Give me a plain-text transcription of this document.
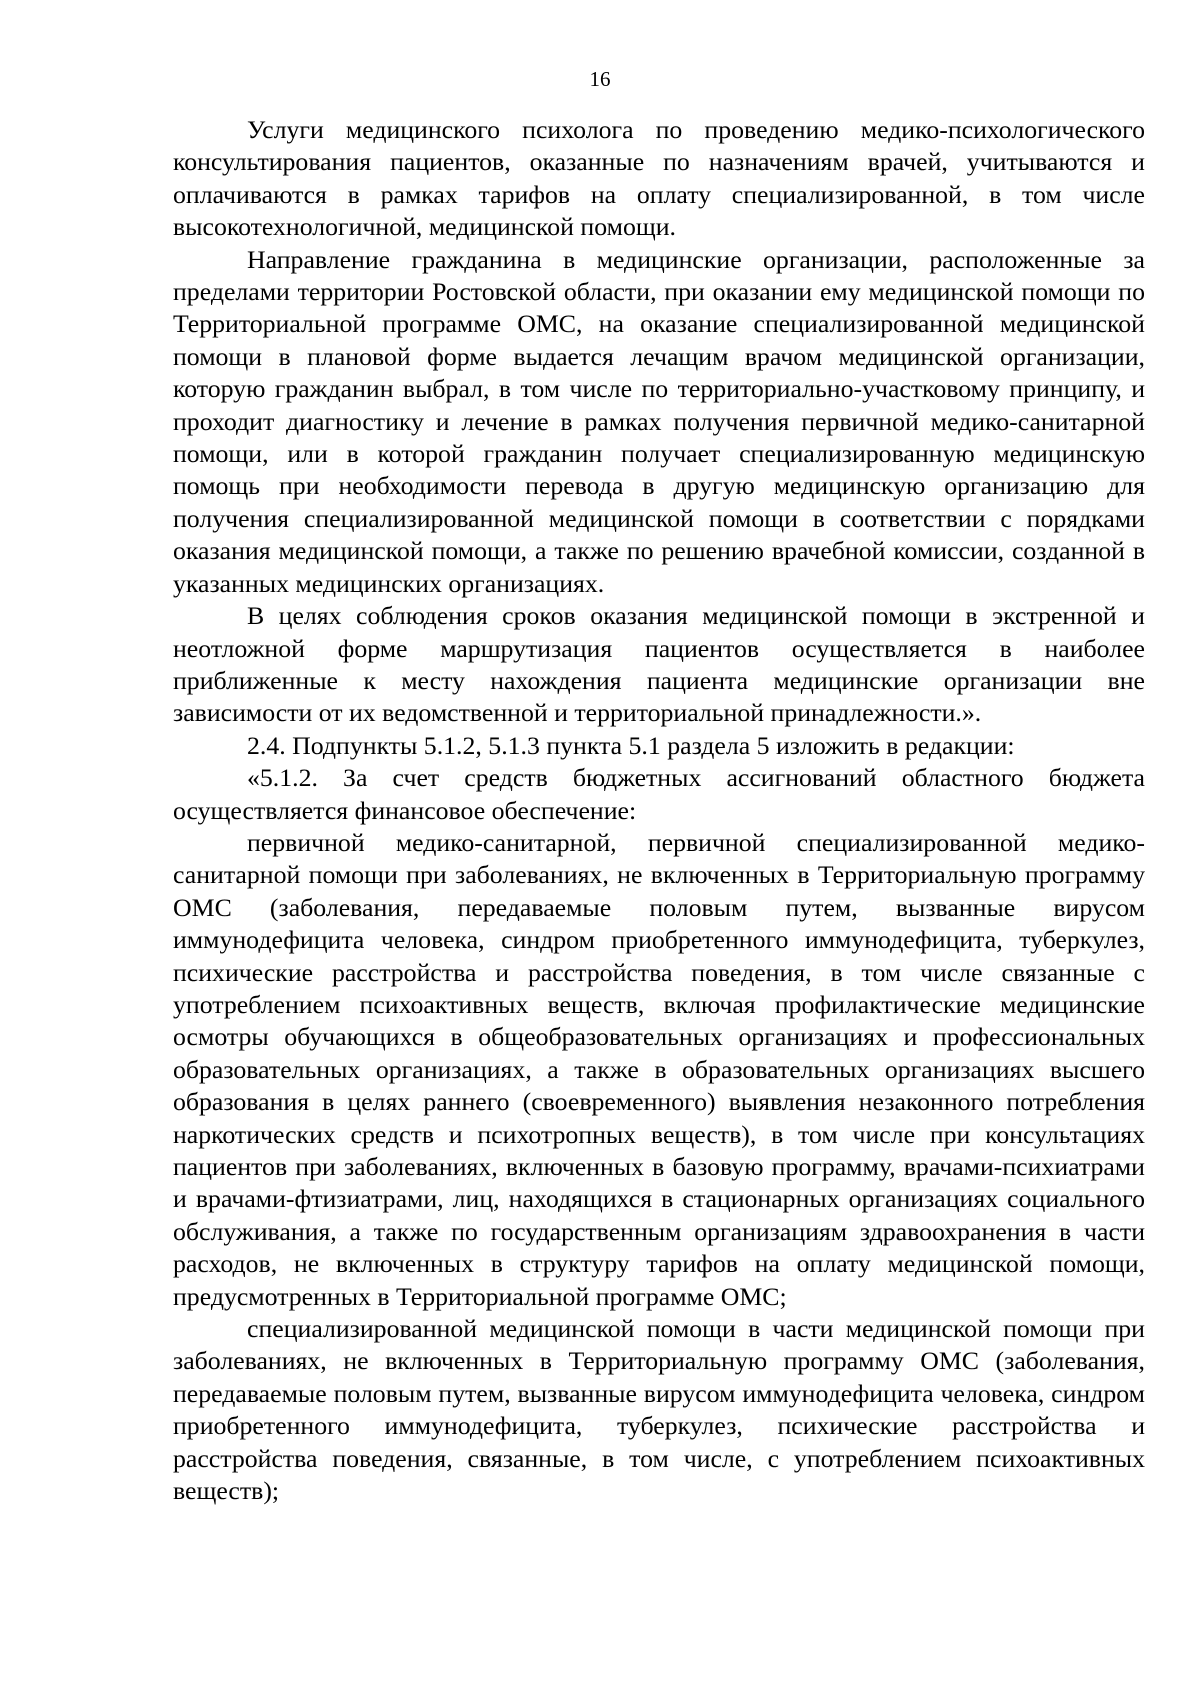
16

Услуги медицинского психолога по проведению медико-психологического консультирования пациентов, оказанные по назначениям врачей, учитываются и оплачиваются в рамках тарифов на оплату специализированной, в том числе высокотехнологичной, медицинской помощи.

Направление гражданина в медицинские организации, расположенные за пределами территории Ростовской области, при оказании ему медицинской помощи по Территориальной программе ОМС, на оказание специализированной медицинской помощи в плановой форме выдается лечащим врачом медицинской организации, которую гражданин выбрал, в том числе по территориально-участковому принципу, и проходит диагностику и лечение в рамках получения первичной медико-санитарной помощи, или в которой гражданин получает специализированную медицинскую помощь при необходимости перевода в другую медицинскую организацию для получения специализированной медицинской помощи в соответствии с порядками оказания медицинской помощи, а также по решению врачебной комиссии, созданной в указанных медицинских организациях.

В целях соблюдения сроков оказания медицинской помощи в экстренной и неотложной форме маршрутизация пациентов осуществляется в наиболее приближенные к месту нахождения пациента медицинские организации вне зависимости от их ведомственной и территориальной принадлежности.».

2.4. Подпункты 5.1.2, 5.1.3 пункта 5.1 раздела 5 изложить в редакции:

«5.1.2. За счет средств бюджетных ассигнований областного бюджета осуществляется финансовое обеспечение:

первичной медико-санитарной, первичной специализированной медико-санитарной помощи при заболеваниях, не включенных в Территориальную программу ОМС (заболевания, передаваемые половым путем, вызванные вирусом иммунодефицита человека, синдром приобретенного иммунодефицита, туберкулез, психические расстройства и расстройства поведения, в том числе связанные с употреблением психоактивных веществ, включая профилактические медицинские осмотры обучающихся в общеобразовательных организациях и профессиональных образовательных организациях, а также в образовательных организациях высшего образования в целях раннего (своевременного) выявления незаконного потребления наркотических средств и психотропных веществ), в том числе при консультациях пациентов при заболеваниях, включенных в базовую программу, врачами-психиатрами и врачами-фтизиатрами, лиц, находящихся в стационарных организациях социального обслуживания, а также по государственным организациям здравоохранения в части расходов, не включенных в структуру тарифов на оплату медицинской помощи, предусмотренных в Территориальной программе ОМС;

специализированной медицинской помощи в части медицинской помощи при заболеваниях, не включенных в Территориальную программу ОМС (заболевания, передаваемые половым путем, вызванные вирусом иммунодефицита человека, синдром приобретенного иммунодефицита, туберкулез, психические расстройства и расстройства поведения, связанные, в том числе, с употреблением психоактивных веществ);
